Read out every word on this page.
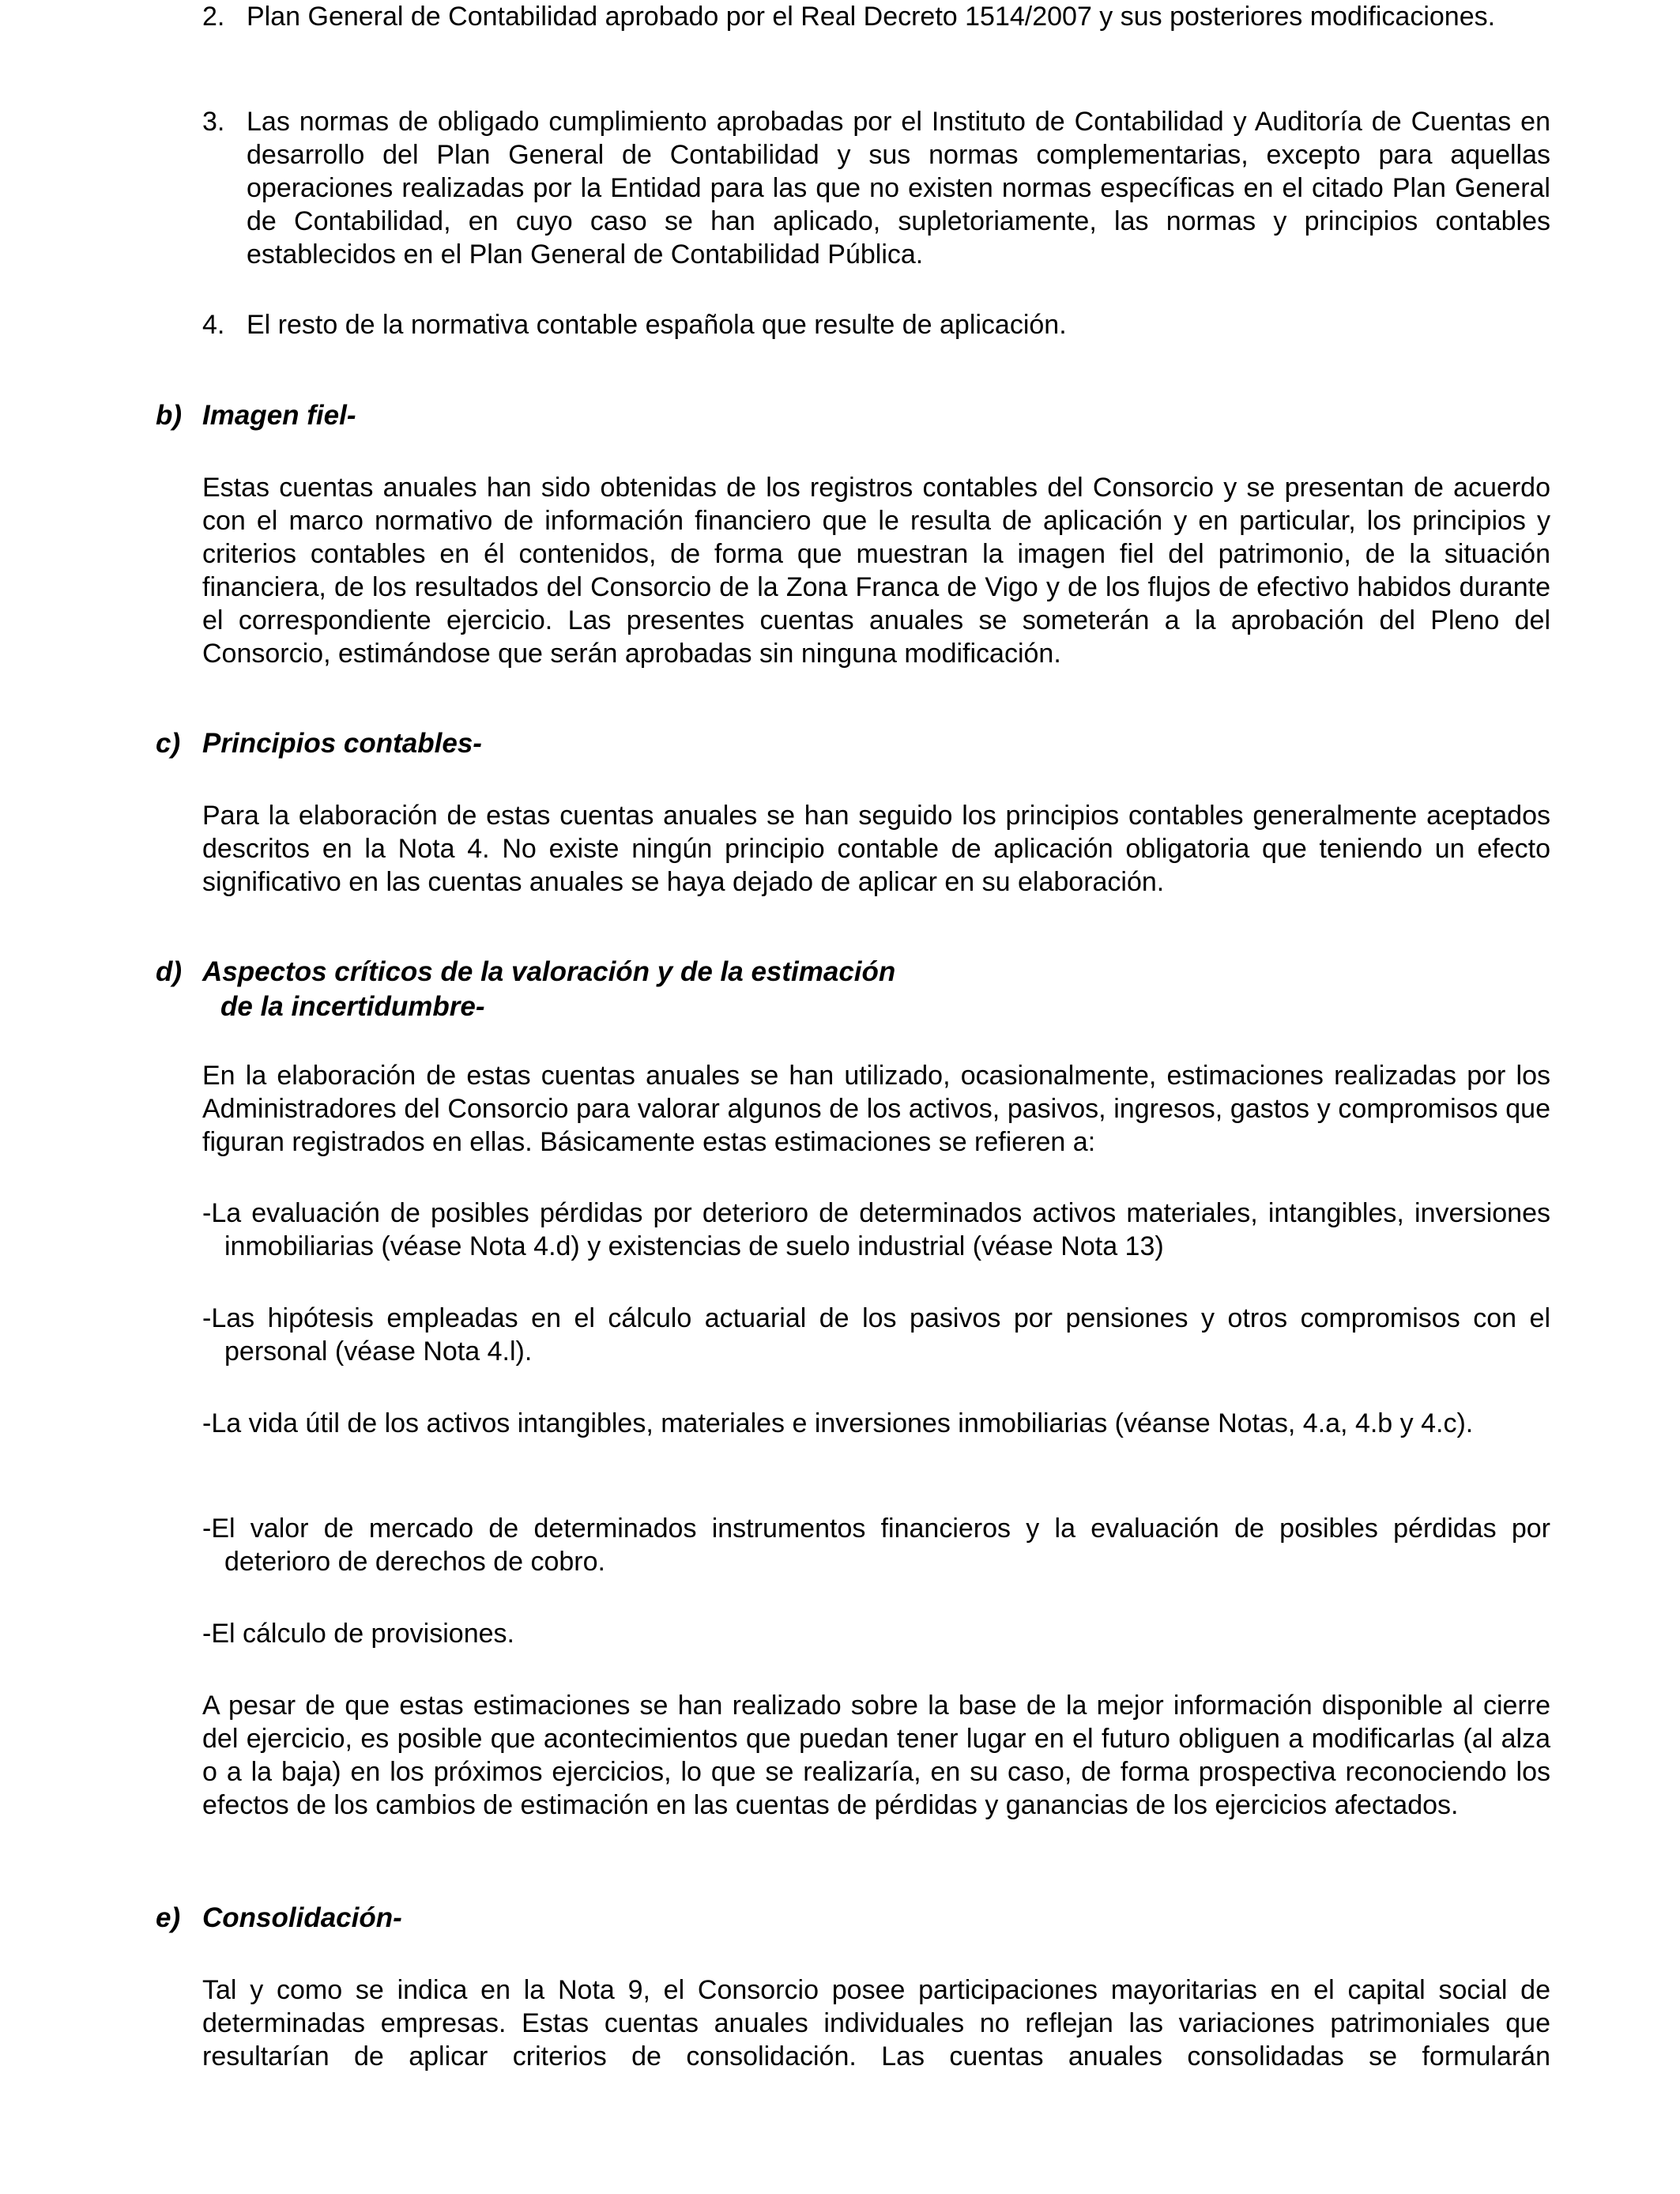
2. Plan General de Contabilidad aprobado por el Real Decreto 1514/2007 y sus posteriores modificaciones.
3. Las normas de obligado cumplimiento aprobadas por el Instituto de Contabilidad y Auditoría de Cuentas en desarrollo del Plan General de Contabilidad y sus normas complementarias, excepto para aquellas operaciones realizadas por la Entidad para las que no existen normas específicas en el citado Plan General de Contabilidad, en cuyo caso se han aplicado, supletoriamente, las normas y principios contables establecidos en el Plan General de Contabilidad Pública.
4. El resto de la normativa contable española que resulte de aplicación.
b) Imagen fiel-

Estas cuentas anuales han sido obtenidas de los registros contables del Consorcio y se presentan de acuerdo con el marco normativo de información financiero que le resulta de aplicación y en particular, los principios y criterios contables en él contenidos, de forma que muestran la imagen fiel del patrimonio, de la situación financiera, de los resultados del Consorcio de la Zona Franca de Vigo y de los flujos de efectivo habidos durante el correspondiente ejercicio. Las presentes cuentas anuales se someterán a la aprobación del Pleno del Consorcio, estimándose que serán aprobadas sin ninguna modificación.

c) Principios contables-

Para la elaboración de estas cuentas anuales se han seguido los principios contables generalmente aceptados descritos en la Nota 4. No existe ningún principio contable de aplicación obligatoria que teniendo un efecto significativo en las cuentas anuales se haya dejado de aplicar en su elaboración.

d) Aspectos críticos de la valoración y de la estimación
de la incertidumbre-

En la elaboración de estas cuentas anuales se han utilizado, ocasionalmente, estimaciones realizadas por los Administradores del Consorcio para valorar algunos de los activos, pasivos, ingresos, gastos y compromisos que figuran registrados en ellas. Básicamente estas estimaciones se refieren a:

-La evaluación de posibles pérdidas por deterioro de determinados activos materiales, intangibles, inversiones inmobiliarias (véase Nota 4.d) y existencias de suelo industrial (véase Nota 13)
-Las hipótesis empleadas en el cálculo actuarial de los pasivos por pensiones y otros compromisos con el personal (véase Nota 4.l).
-La vida útil de los activos intangibles, materiales e inversiones inmobiliarias (véanse Notas, 4.a, 4.b y 4.c).
-El valor de mercado de determinados instrumentos financieros y la evaluación de posibles pérdidas por deterioro de derechos de cobro.
-El cálculo de provisiones.

A pesar de que estas estimaciones se han realizado sobre la base de la mejor información disponible al cierre del ejercicio, es posible que acontecimientos que puedan tener lugar en el futuro obliguen a modificarlas (al alza o a la baja) en los próximos ejercicios, lo que se realizaría, en su caso, de forma prospectiva reconociendo los efectos de los cambios de estimación en las cuentas de pérdidas y ganancias de los ejercicios afectados.

e) Consolidación-

Tal y como se indica en la Nota 9, el Consorcio posee participaciones mayoritarias en el capital social de determinadas empresas. Estas cuentas anuales individuales no reflejan las variaciones patrimoniales que resultarían de aplicar criterios de consolidación. Las cuentas anuales consolidadas se formularán
